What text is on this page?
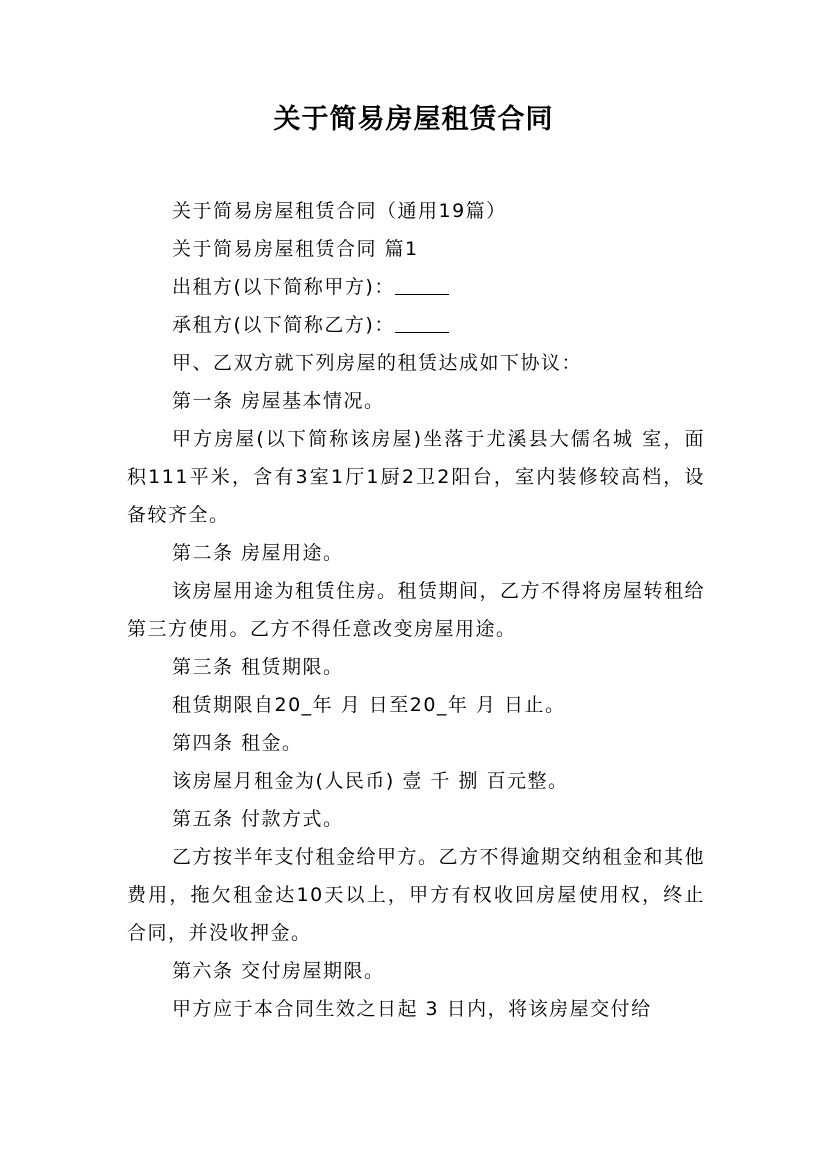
关于简易房屋租赁合同

关于简易房屋租赁合同（通用19篇）

关于简易房屋租赁合同 篇1

出租方(以下简称甲方)：

承租方(以下简称乙方)：

甲、乙双方就下列房屋的租赁达成如下协议：

第一条 房屋基本情况。

甲方房屋(以下简称该房屋)坐落于尤溪县大儒名城 室，面积111平米，含有3室1厅1厨2卫2阳台，室内装修较高档，设备较齐全。

第二条 房屋用途。

该房屋用途为租赁住房。租赁期间，乙方不得将房屋转租给第三方使用。乙方不得任意改变房屋用途。

第三条 租赁期限。

租赁期限自20_年 月 日至20_年 月 日止。

第四条 租金。

该房屋月租金为(人民币) 壹 千 捌 百元整。

第五条 付款方式。

乙方按半年支付租金给甲方。乙方不得逾期交纳租金和其他费用，拖欠租金达10天以上，甲方有权收回房屋使用权，终止合同，并没收押金。

第六条 交付房屋期限。

甲方应于本合同生效之日起 3 日内，将该房屋交付给
